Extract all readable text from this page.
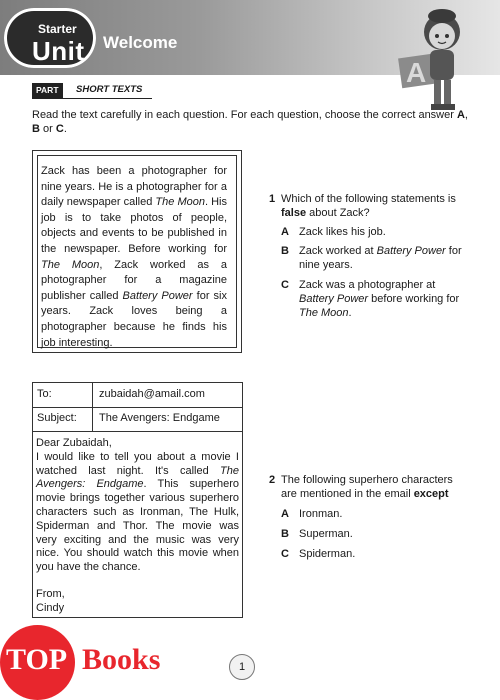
Starter
Unit Welcome
A
PART I
SHORT TEXTS
Read the text carefully in each question. For each question, choose the correct answer A, B or C.
Zack has been a photographer for nine years. He is a photographer for a daily newspaper called The Moon. His job is to take photos of people, objects and events to be published in the newspaper. Before working for The Moon, Zack worked as a photographer for a magazine publisher called Battery Power for six years. Zack loves being a photographer because he finds his job interesting.
1 Which of the following statements is false about Zack?
A Zack likes his job.
B Zack worked at Battery Power for nine years.
C Zack was a photographer at Battery Power before working for The Moon.
To:	zubaidah@amail.com
Subject: The Avengers: Endgame
Dear Zubaidah,
I would like to tell you about a movie I watched last night. It's called The Avengers: Endgame. This superhero movie brings together various superhero characters such as Ironman, The Hulk, Spiderman and Thor. The movie was very exciting and the music was very nice. You should watch this movie when you have the chance.
From,
Cindy
2 The following superhero characters are mentioned in the email except
A Ironman.
B Superman.
C Spiderman.
TOP Books	1
